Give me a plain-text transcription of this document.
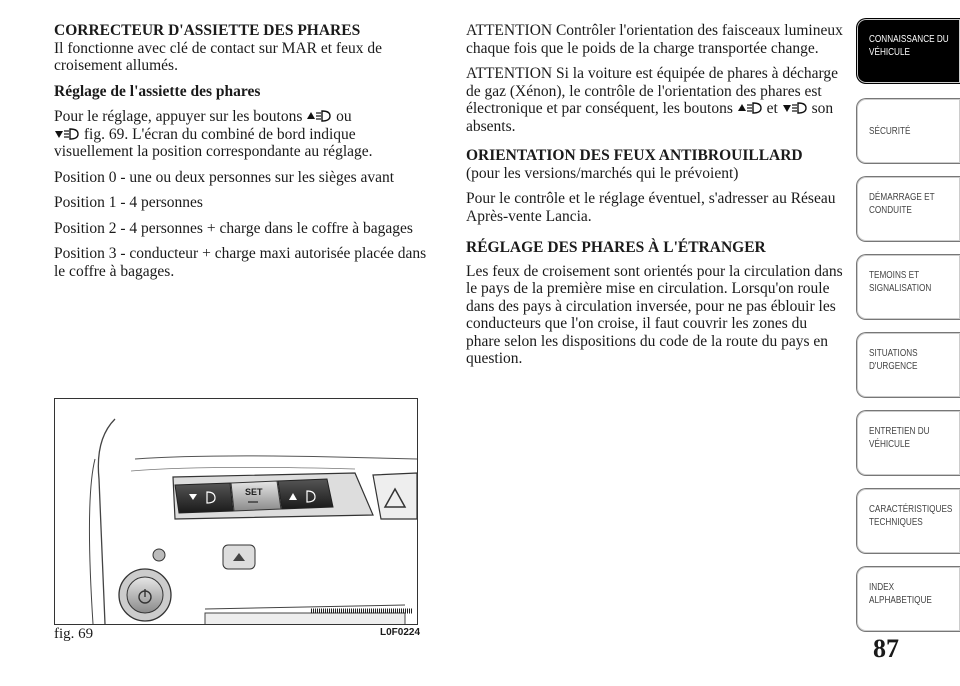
CORRECTEUR D'ASSIETTE DES PHARES

Il fonctionne avec clé de contact sur MAR et feux de croisement allumés.

Réglage de l'assiette des phares

Pour le réglage, appuyer sur les boutons ou
fig. 69. L'écran du combiné de bord indique visuellement la position correspondante au réglage.

Position 0 - une ou deux personnes sur les sièges avant

Position 1 - 4 personnes

Position 2 - 4 personnes + charge dans le coffre à bagages

Position 3 - conducteur + charge maxi autorisée placée dans le coffre à bagages.

ATTENTION Contrôler l'orientation des faisceaux lumineux chaque fois que le poids de la charge transportée change.

ATTENTION Si la voiture est équipée de phares à décharge de gaz (Xénon), le contrôle de l'orientation des phares est électronique et par conséquent, les boutons et son absents.

ORIENTATION DES FEUX ANTIBROUILLARD

(pour les versions/marchés qui le prévoient)

Pour le contrôle et le réglage éventuel, s'adresser au Réseau Après-vente Lancia.

RÉGLAGE DES PHARES À L'ÉTRANGER

Les feux de croisement sont orientés pour la circulation dans le pays de la première mise en circulation. Lorsqu'on roule dans des pays à circulation inversée, pour ne pas éblouir les conducteurs que l'on croise, il faut couvrir les zones du phare selon les dispositions du code de la route du pays en question.

SET
fig. 69	L0F0224
CONNAISSANCE DU
VÉHICULE
SÉCURITÉ
DÉMARRAGE ET
CONDUITE
TEMOINS ET
SIGNALISATION
SITUATIONS
D'URGENCE
ENTRETIEN DU
VÉHICULE
CARACTÉRISTIQUES
TECHNIQUES
INDEX
ALPHABETIQUE
87
